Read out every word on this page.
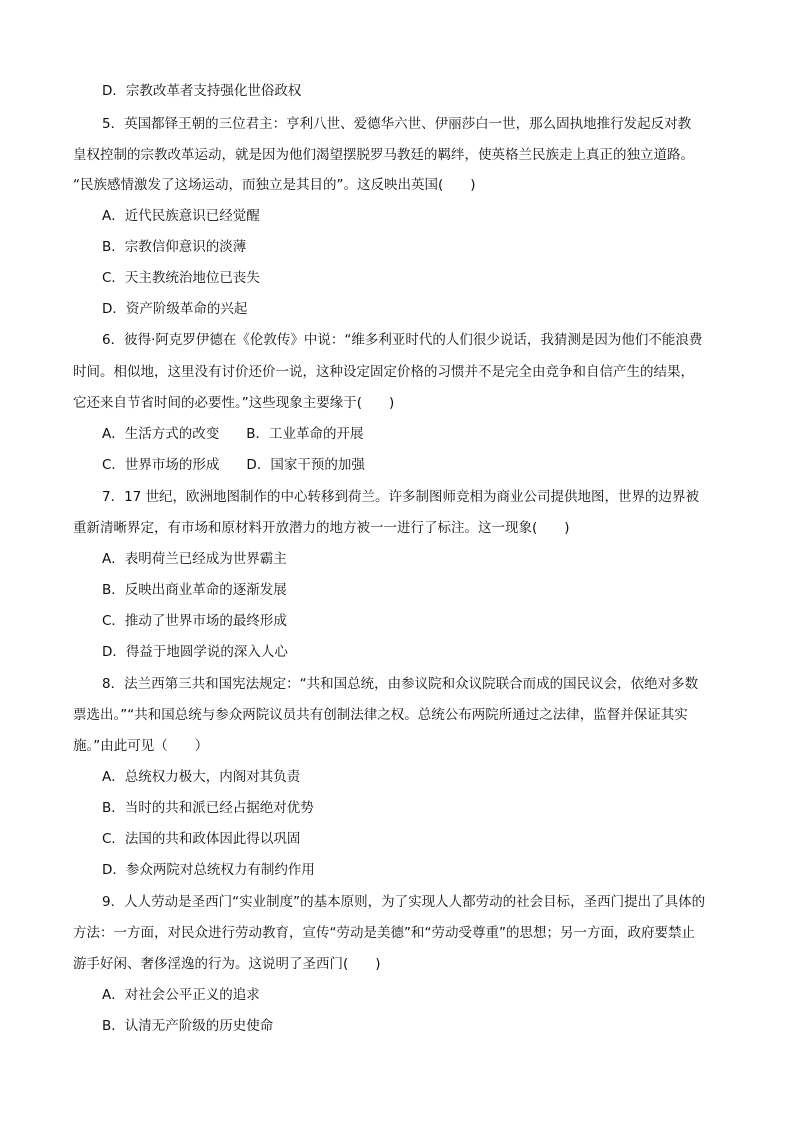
D．宗教改革者支持强化世俗政权
5．英国都铎王朝的三位君主：亨利八世、爱德华六世、伊丽莎白一世，那么固执地推行发起反对教
皇权控制的宗教改革运动，就是因为他们渴望摆脱罗马教廷的羁绊，使英格兰民族走上真正的独立道路。
“民族感情激发了这场运动，而独立是其目的”。这反映出英国(　　)
A．近代民族意识已经觉醒
B．宗教信仰意识的淡薄
C．天主教统治地位已丧失
D．资产阶级革命的兴起
6．彼得·阿克罗伊德在《伦敦传》中说：“维多利亚时代的人们很少说话，我猜测是因为他们不能浪费
时间。相似地，这里没有讨价还价一说，这种设定固定价格的习惯并不是完全由竞争和自信产生的结果，
它还来自节省时间的必要性。”这些现象主要缘于(　　)
A．生活方式的改变　　B．工业革命的开展
C．世界市场的形成　　D．国家干预的加强
7．17 世纪，欧洲地图制作的中心转移到荷兰。许多制图师竞相为商业公司提供地图，世界的边界被
重新清晰界定，有市场和原材料开放潜力的地方被一一进行了标注。这一现象(　　)
A．表明荷兰已经成为世界霸主
B．反映出商业革命的逐渐发展
C．推动了世界市场的最终形成
D．得益于地圆学说的深入人心
8．法兰西第三共和国宪法规定：“共和国总统，由参议院和众议院联合而成的国民议会，依绝对多数
票选出。”“共和国总统与参众两院议员共有创制法律之权。总统公布两院所通过之法律，监督并保证其实
施。”由此可见（　　）
A．总统权力极大，内阁对其负责
B．当时的共和派已经占据绝对优势
C．法国的共和政体因此得以巩固
D．参众两院对总统权力有制约作用
9．人人劳动是圣西门“实业制度”的基本原则，为了实现人人都劳动的社会目标，圣西门提出了具体的
方法：一方面，对民众进行劳动教育，宣传“劳动是美德”和“劳动受尊重”的思想；另一方面，政府要禁止
游手好闲、奢侈淫逸的行为。这说明了圣西门(　　)
A．对社会公平正义的追求
B．认清无产阶级的历史使命
